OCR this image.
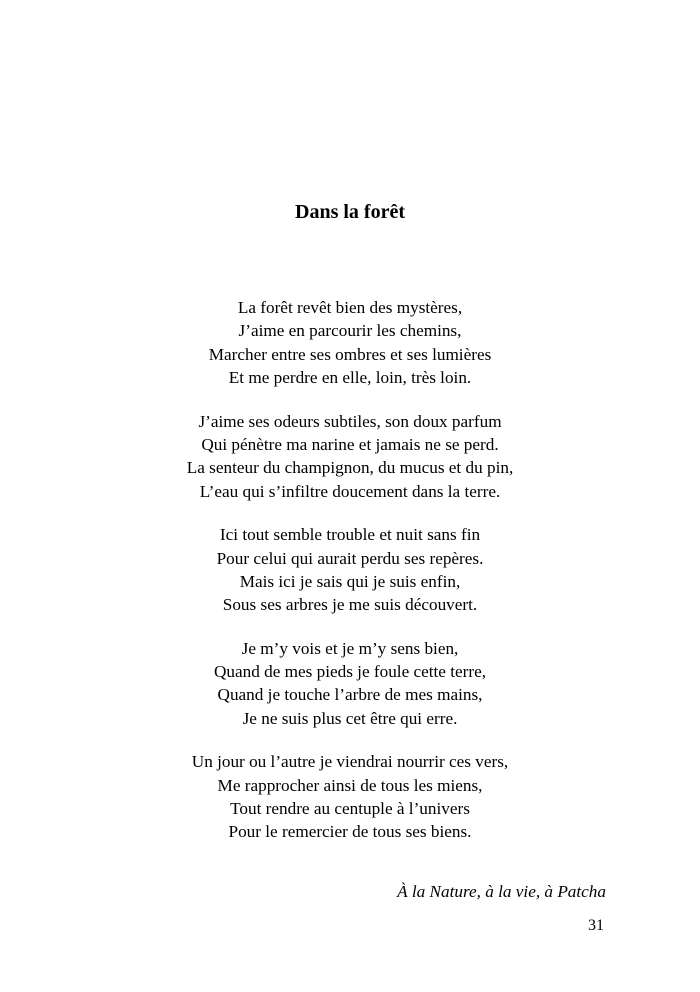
Dans la forêt
La forêt revêt bien des mystères,
J’aime en parcourir les chemins,
Marcher entre ses ombres et ses lumières
Et me perdre en elle, loin, très loin.
J’aime ses odeurs subtiles, son doux parfum
Qui pénètre ma narine et jamais ne se perd.
La senteur du champignon, du mucus et du pin,
L’eau qui s’infiltre doucement dans la terre.
Ici tout semble trouble et nuit sans fin
Pour celui qui aurait perdu ses repères.
Mais ici je sais qui je suis enfin,
Sous ses arbres je me suis découvert.
Je m’y vois et je m’y sens bien,
Quand de mes pieds je foule cette terre,
Quand je touche l’arbre de mes mains,
Je ne suis plus cet être qui erre.
Un jour ou l’autre je viendrai nourrir ces vers,
Me rapprocher ainsi de tous les miens,
Tout rendre au centuple à l’univers
Pour le remercier de tous ses biens.
À la Nature, à la vie, à Patcha
31
